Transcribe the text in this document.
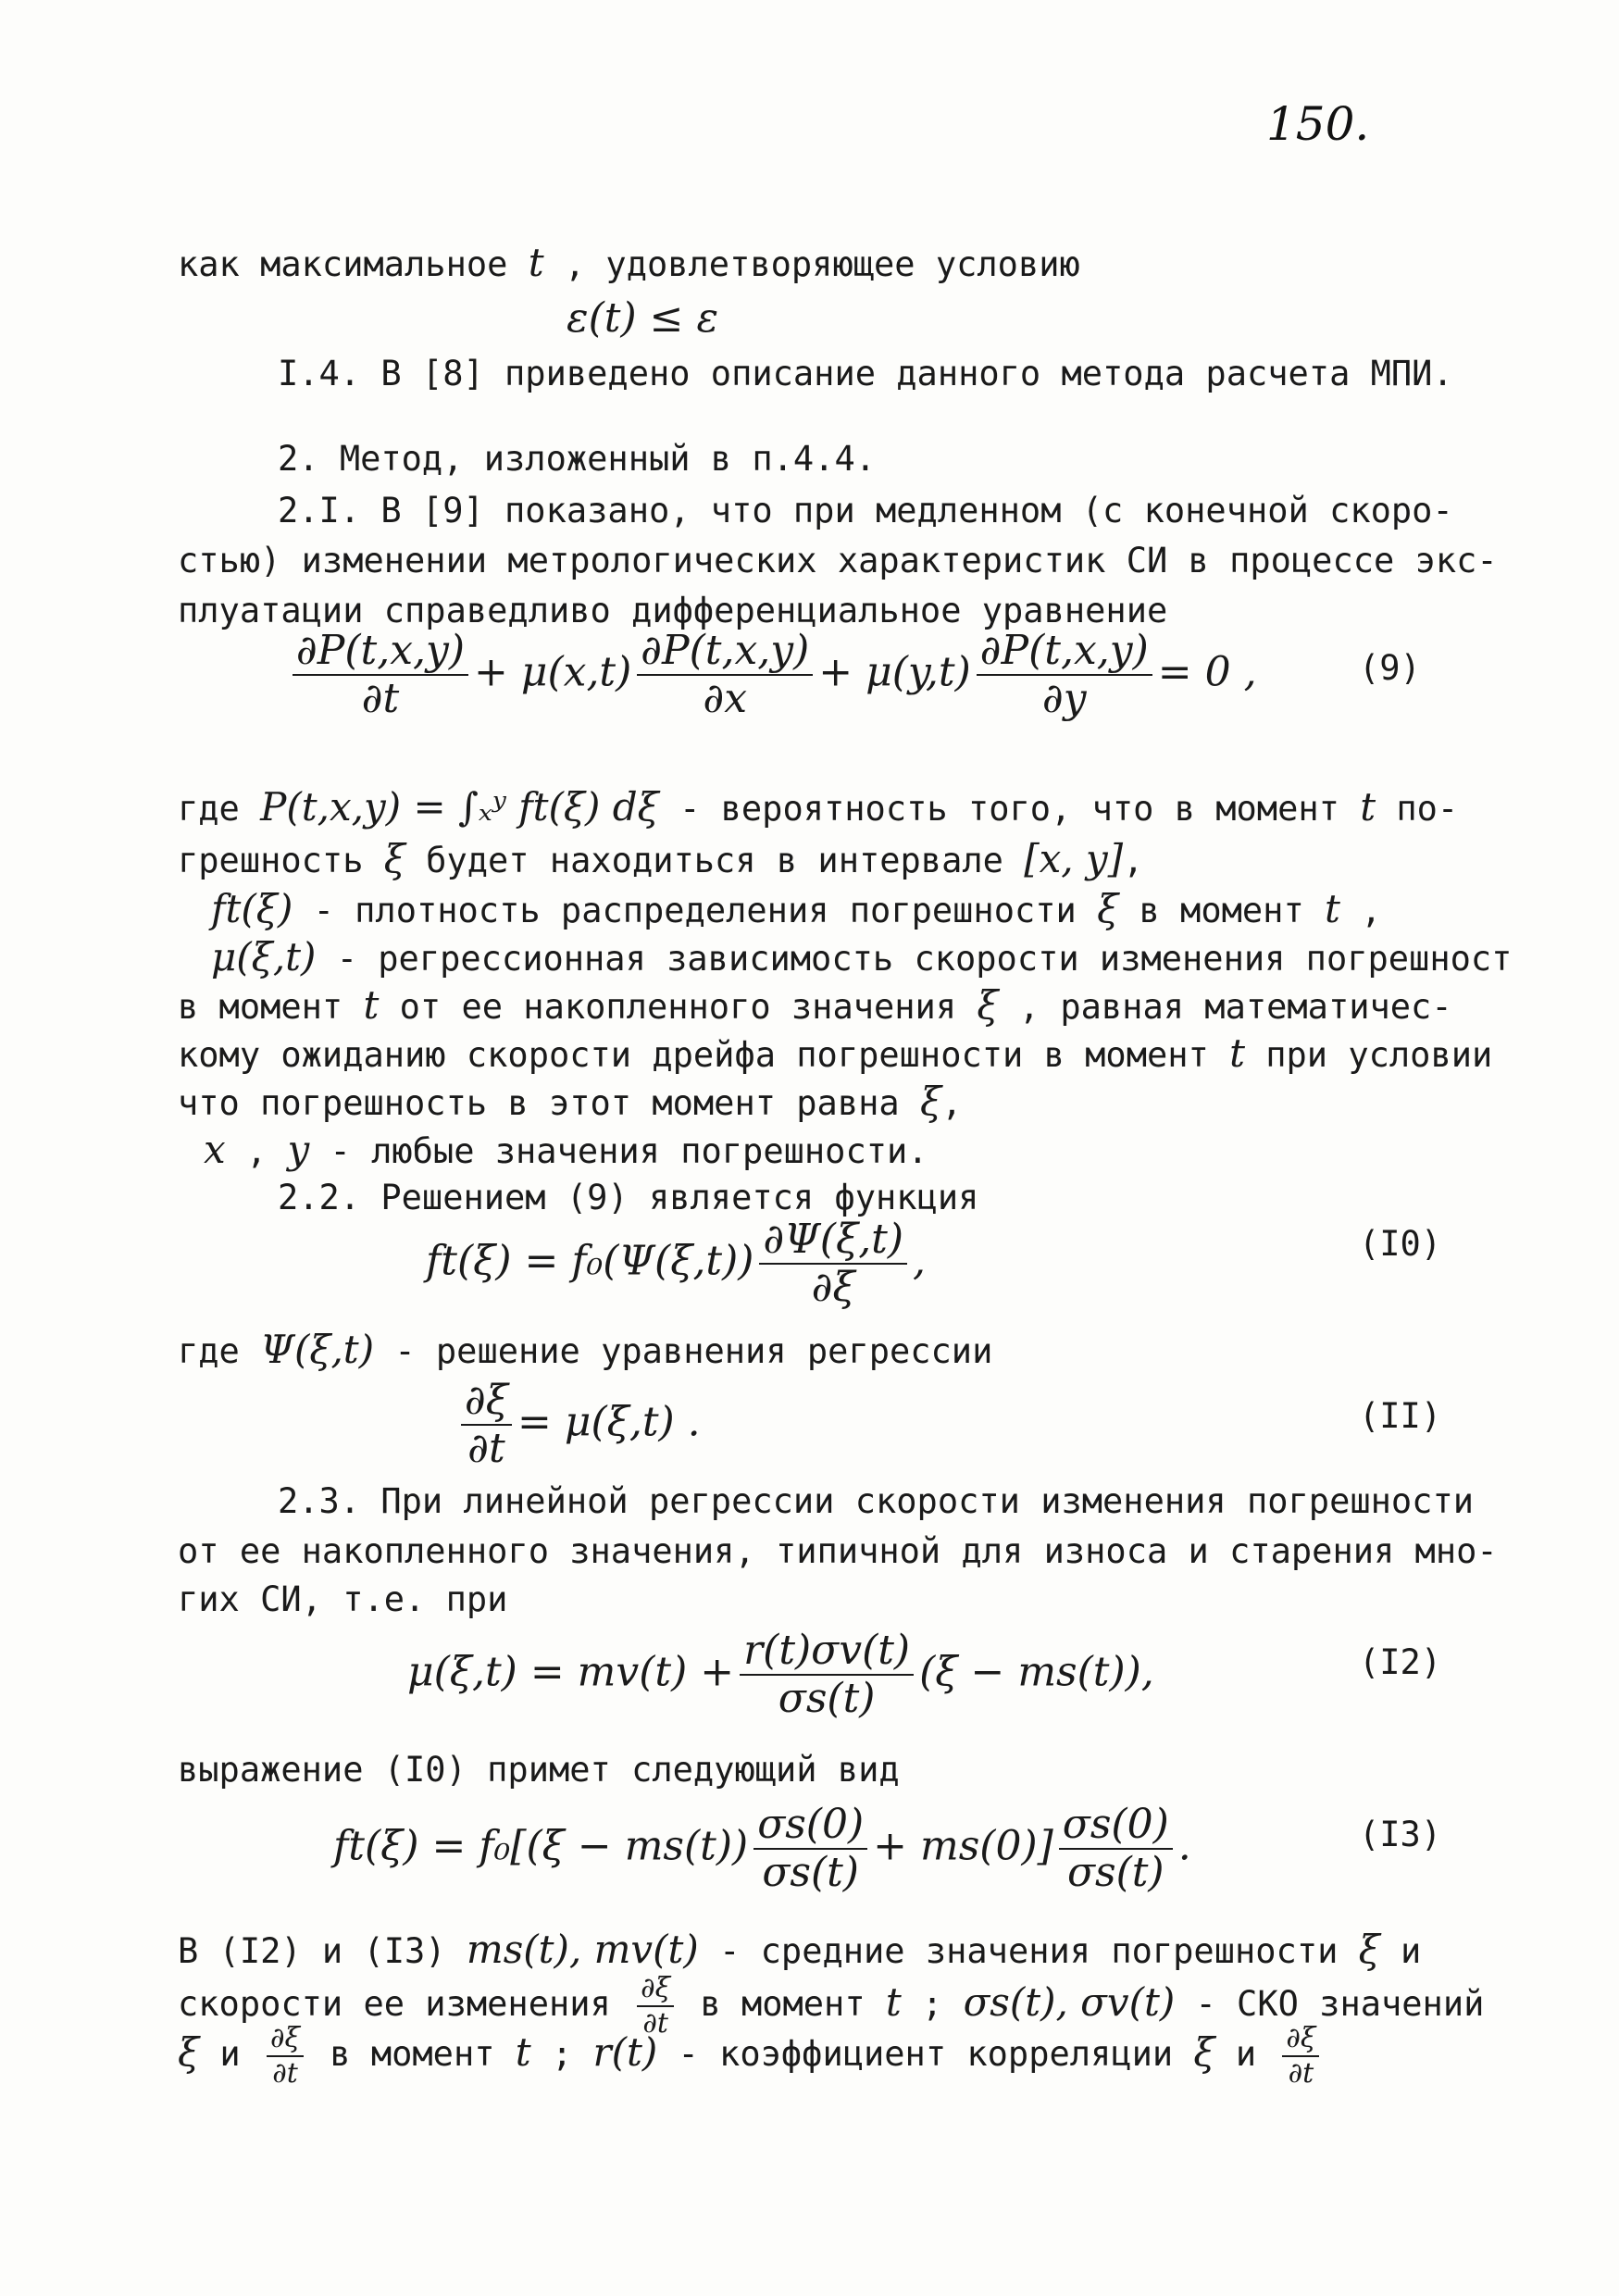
150.
как максимальное t , удовлетворяющее условию
ε(t) ≤ ε
I.4. В [8] приведено описание данного метода расчета МПИ.
2. Метод, изложенный в п.4.4.
2.I. В [9] показано, что при медленном (с конечной скоро-
стью) изменении метрологических характеристик СИ в процессе экс-
плуатации справедливо дифференциальное уравнение
$\frac{\partial P(t,x,y)}{\partial t} + \mu(x,t) \frac{\partial P(t,x,y)}{\partial x} + \mu(y,t) \frac{\partial P(t,x,y)}{\partial y} = 0$ ,	(9)
где P(t,x,y) = ∫ₓʸ ft(ξ) dξ - вероятность того, что в момент t по-
грешность ξ будет находиться в интервале [x, y],
ft(ξ) - плотность распределения погрешности ξ в момент t ,
μ(ξ,t) - регрессионная зависимость скорости изменения погрешност
в момент t от ее накопленного значения ξ , равная математичес-
кому ожиданию скорости дрейфа погрешности в момент t при условии
что погрешность в этот момент равна ξ,
x , y - любые значения погрешности.
2.2. Решением (9) является функция
$ft(\xi) = f_0(\Psi(\xi,t)) \frac{\partial\Psi(\xi,t)}{\partial\xi}$ ,	(I0)
где Ψ(ξ,t) - решение уравнения регрессии
$\frac{\partial\xi}{\partial t} = \mu(\xi,t)$ .	(II)
2.3. При линейной регрессии скорости изменения погрешности
от ее накопленного значения, типичной для износа и старения мно-
гих СИ, т.е. при
$\mu(\xi,t) = mv(t) + \frac{r(t)\sigma v(t)}{\sigma s(t)} (\xi - ms(t))$,	(I2)
выражение (I0) примет следующий вид
$ft(\xi) = f_0[(\xi - ms(t)) \frac{\sigma s(0)}{\sigma s(t)} + ms(0)] \frac{\sigma s(0)}{\sigma s(t)}$ .	(I3)
В (I2) и (I3) ms(t), mv(t) - средние значения погрешности ξ и
скорости ее изменения $\frac{\partial\xi}{\partial t}$ в момент t ; σs(t), σv(t) - СКО значений
ξ и $\frac{\partial\xi}{\partial t}$ в момент t ; r(t) - коэффициент корреляции ξ и $\frac{\partial\xi}{\partial t}$
